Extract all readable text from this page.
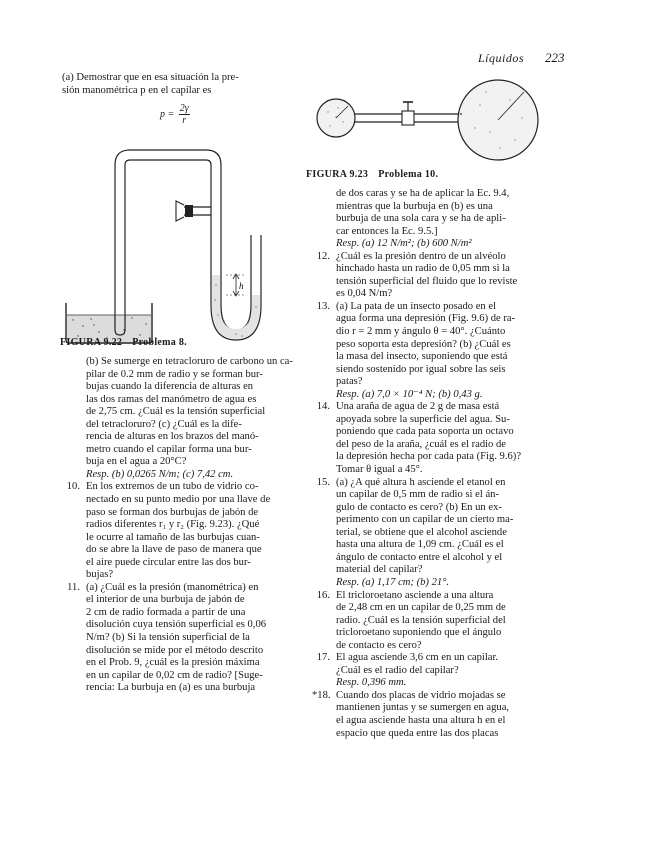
Líquidos 223

(a) Demostrar que en esa situación la pre-

sión manométrica p en el capilar es

$p = \frac{2\gamma}{r}$
h
FIGURA 9.22 Problema 8.
FIGURA 9.23 Problema 10.
(b) Se sumerge en tetracloruro de carbono un ca-
pilar de 0.2 mm de radio y se forman bur-
bujas cuando la diferencia de alturas en
las dos ramas del manómetro de agua es
de 2,75 cm. ¿Cuál es la tensión superficial
del tetracloruro? (c) ¿Cuál es la dife-
rencia de alturas en los brazos del manó-
metro cuando el capilar forma una bur-
buja en el agua a 20°C?
Resp. (b) 0,0265 N/m; (c) 7,42 cm.
10. En los extremos de un tubo de vidrio co-
nectado en su punto medio por una llave de
paso se forman dos burbujas de jabón de
radios diferentes r₁ y r₂ (Fig. 9.23). ¿Qué
le ocurre al tamaño de las burbujas cuan-
do se abre la llave de paso de manera que
el aire puede circular entre las dos bur-
bujas?
11. (a) ¿Cuál es la presión (manométrica) en
el interior de una burbuja de jabón de
2 cm de radio formada a partir de una
disolución cuya tensión superficial es 0,06
N/m? (b) Si la tensión superficial de la
disolución se mide por el método descrito
en el Prob. 9, ¿cuál es la presión máxima
en un capilar de 0,02 cm de radio? [Suge-
rencia: La burbuja en (a) es una burbuja
de dos caras y se ha de aplicar la Ec. 9.4,
mientras que la burbuja en (b) es una
burbuja de una sola cara y se ha de apli-
car entonces la Ec. 9.5.]
Resp. (a) 12 N/m²; (b) 600 N/m²
12. ¿Cuál es la presión dentro de un alvéolo
hinchado hasta un radio de 0,05 mm si la
tensión superficial del fluido que lo reviste
es 0,04 N/m?
13. (a) La pata de un insecto posado en el
agua forma una depresión (Fig. 9.6) de ra-
dio r = 2 mm y ángulo θ = 40°. ¿Cuánto
peso soporta esta depresión? (b) ¿Cuál es
la masa del insecto, suponiendo que está
siendo sostenido por igual sobre las seis
patas?
Resp. (a) 7,0 × 10⁻⁴ N; (b) 0,43 g.
14. Una araña de agua de 2 g de masa está
apoyada sobre la superficie del agua. Su-
poniendo que cada pata soporta un octavo
del peso de la araña, ¿cuál es el radio de
la depresión hecha por cada pata (Fig. 9.6)?
Tomar θ igual a 45°.
15. (a) ¿A qué altura h asciende el etanol en
un capilar de 0,5 mm de radio si el án-
gulo de contacto es cero? (b) En un ex-
perimento con un capilar de un cierto ma-
terial, se obtiene que el alcohol asciende
hasta una altura de 1,09 cm. ¿Cuál es el
ángulo de contacto entre el alcohol y el
material del capilar?
Resp. (a) 1,17 cm; (b) 21°.
16. El tricloroetano asciende a una altura
de 2,48 cm en un capilar de 0,25 mm de
radio. ¿Cuál es la tensión superficial del
tricloroetano suponiendo que el ángulo
de contacto es cero?
17. El agua asciende 3,6 cm en un capilar.
¿Cuál es el radio del capilar?
Resp. 0,396 mm.
*18. Cuando dos placas de vidrio mojadas se
mantienen juntas y se sumergen en agua,
el agua asciende hasta una altura h en el
espacio que queda entre las dos placas
